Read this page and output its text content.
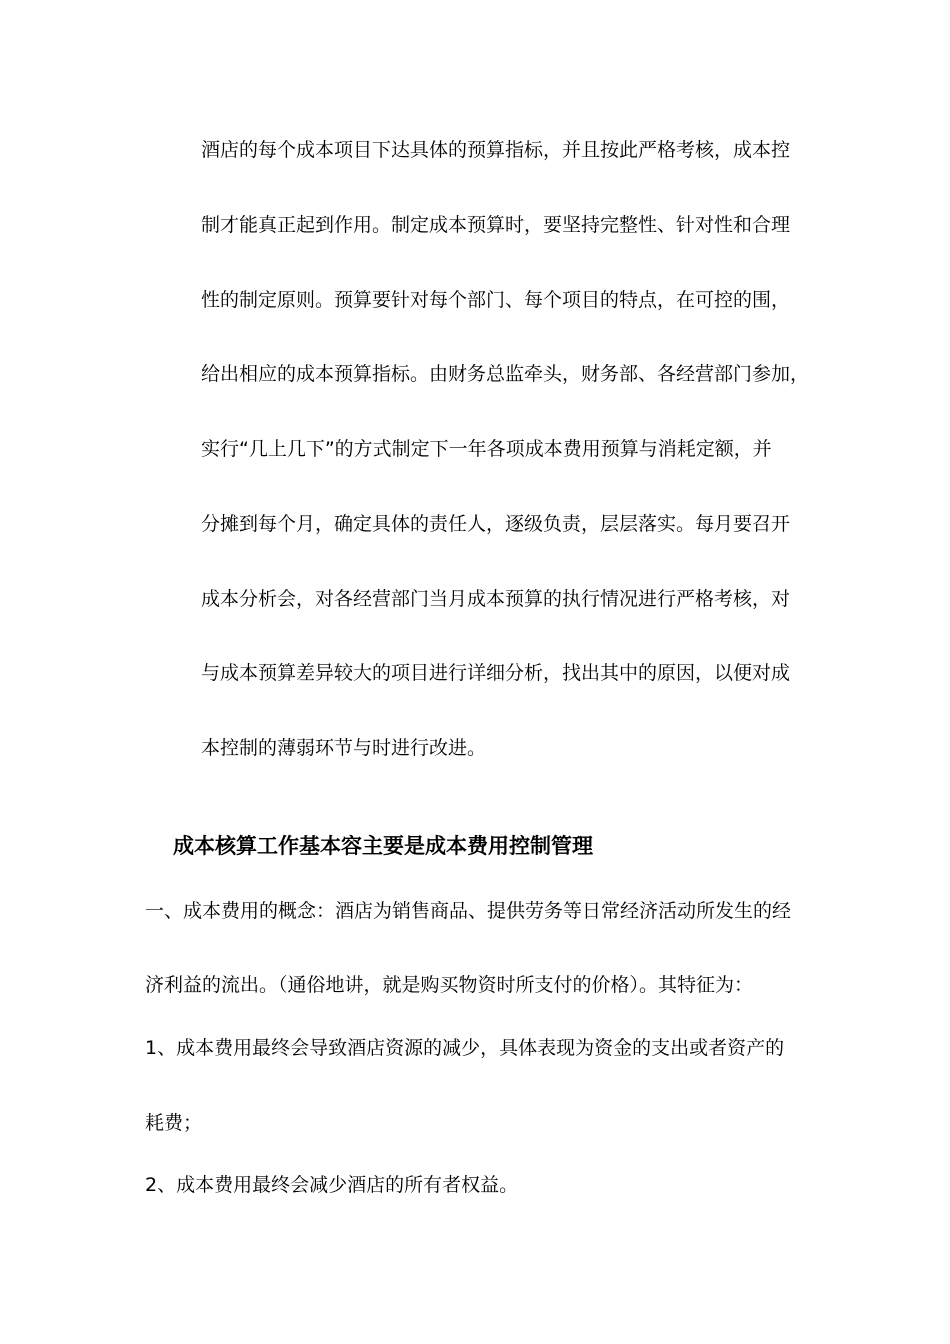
酒店的每个成本项目下达具体的预算指标，并且按此严格考核，成本控
制才能真正起到作用。制定成本预算时，要坚持完整性、针对性和合理
性的制定原则。预算要针对每个部门、每个项目的特点，在可控的围，
给出相应的成本预算指标。由财务总监牵头，财务部、各经营部门参加，
实行“几上几下”的方式制定下一年各项成本费用预算与消耗定额，并
分摊到每个月，确定具体的责任人，逐级负责，层层落实。每月要召开
成本分析会，对各经营部门当月成本预算的执行情况进行严格考核，对
与成本预算差异较大的项目进行详细分析，找出其中的原因，以便对成
本控制的薄弱环节与时进行改进。
成本核算工作基本容主要是成本费用控制管理
一、成本费用的概念：酒店为销售商品、提供劳务等日常经济活动所发生的经
济利益的流出。（通俗地讲，就是购买物资时所支付的价格）。其特征为：
1、成本费用最终会导致酒店资源的减少，具体表现为资金的支出或者资产的
耗费；
2、成本费用最终会减少酒店的所有者权益。
